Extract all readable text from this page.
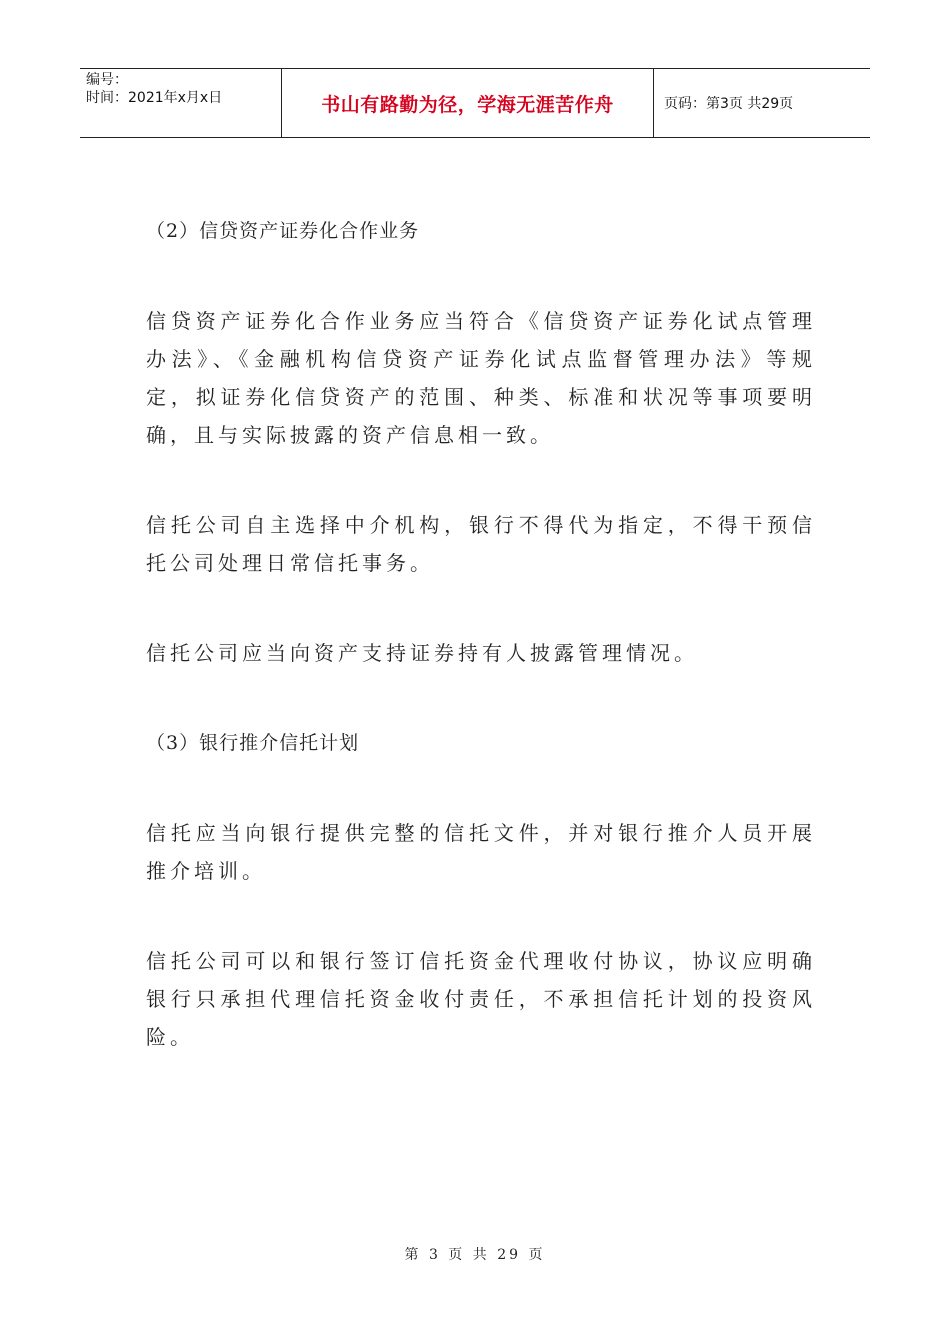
编号：
时间：2021年x月x日	书山有路勤为径，学海无涯苦作舟	页码：第3页 共29页

（2）信贷资产证券化合作业务

信贷资产证券化合作业务应当符合《信贷资产证券化试点管理办法》、《金融机构信贷资产证券化试点监督管理办法》等规定，拟证券化信贷资产的范围、种类、标准和状况等事项要明确，且与实际披露的资产信息相一致。

信托公司自主选择中介机构，银行不得代为指定，不得干预信托公司处理日常信托事务。

信托公司应当向资产支持证券持有人披露管理情况。

（3）银行推介信托计划

信托应当向银行提供完整的信托文件，并对银行推介人员开展推介培训。

信托公司可以和银行签订信托资金代理收付协议，协议应明确银行只承担代理信托资金收付责任，不承担信托计划的投资风险。

第 3 页 共 29 页
